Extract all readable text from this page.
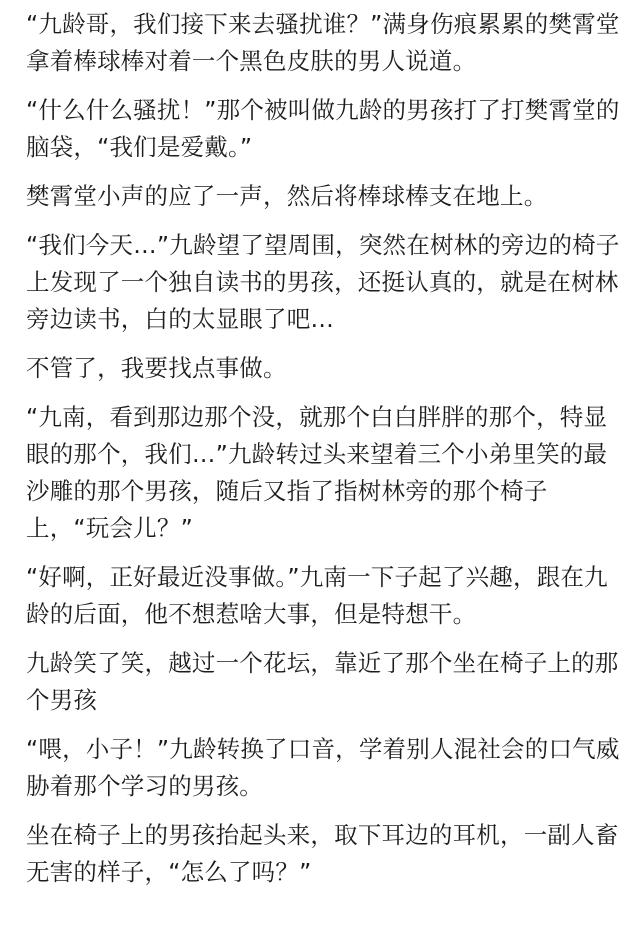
“九龄哥，我们接下来去骚扰谁？”满身伤痕累累的樊霄堂拿着棒球棒对着一个黑色皮肤的男人说道。

“什么什么骚扰！”那个被叫做九龄的男孩打了打樊霄堂的脑袋，“我们是爱戴。”

樊霄堂小声的应了一声，然后将棒球棒支在地上。

“我们今天…”九龄望了望周围，突然在树林的旁边的椅子上发现了一个独自读书的男孩，还挺认真的，就是在树林旁边读书，白的太显眼了吧…

不管了，我要找点事做。

“九南，看到那边那个没，就那个白白胖胖的那个，特显眼的那个，我们…”九龄转过头来望着三个小弟里笑的最沙雕的那个男孩，随后又指了指树林旁的那个椅子上，“玩会儿？”

“好啊，正好最近没事做。”九南一下子起了兴趣，跟在九龄的后面，他不想惹啥大事，但是特想干。

九龄笑了笑，越过一个花坛，靠近了那个坐在椅子上的那个男孩

“喂，小子！”九龄转换了口音，学着别人混社会的口气威胁着那个学习的男孩。

坐在椅子上的男孩抬起头来，取下耳边的耳机，一副人畜无害的样子，“怎么了吗？”
